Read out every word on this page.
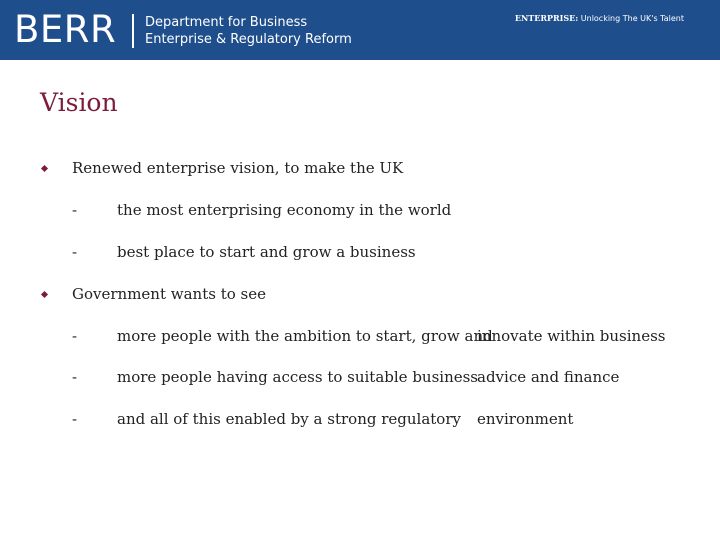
BERR Department for Business
Enterprise & Regulatory Reform
ENTERPRISE: Unlocking The UK's Talent
Vision
Renewed enterprise vision, to make the UK
-	the most enterprising economy in the world
-	best place to start and grow a business
Government wants to see
-	more people with the ambition to start, grow and
innovate within business
-	more people having access to suitable business
advice and finance
-	and all of this enabled by a strong regulatory environment
